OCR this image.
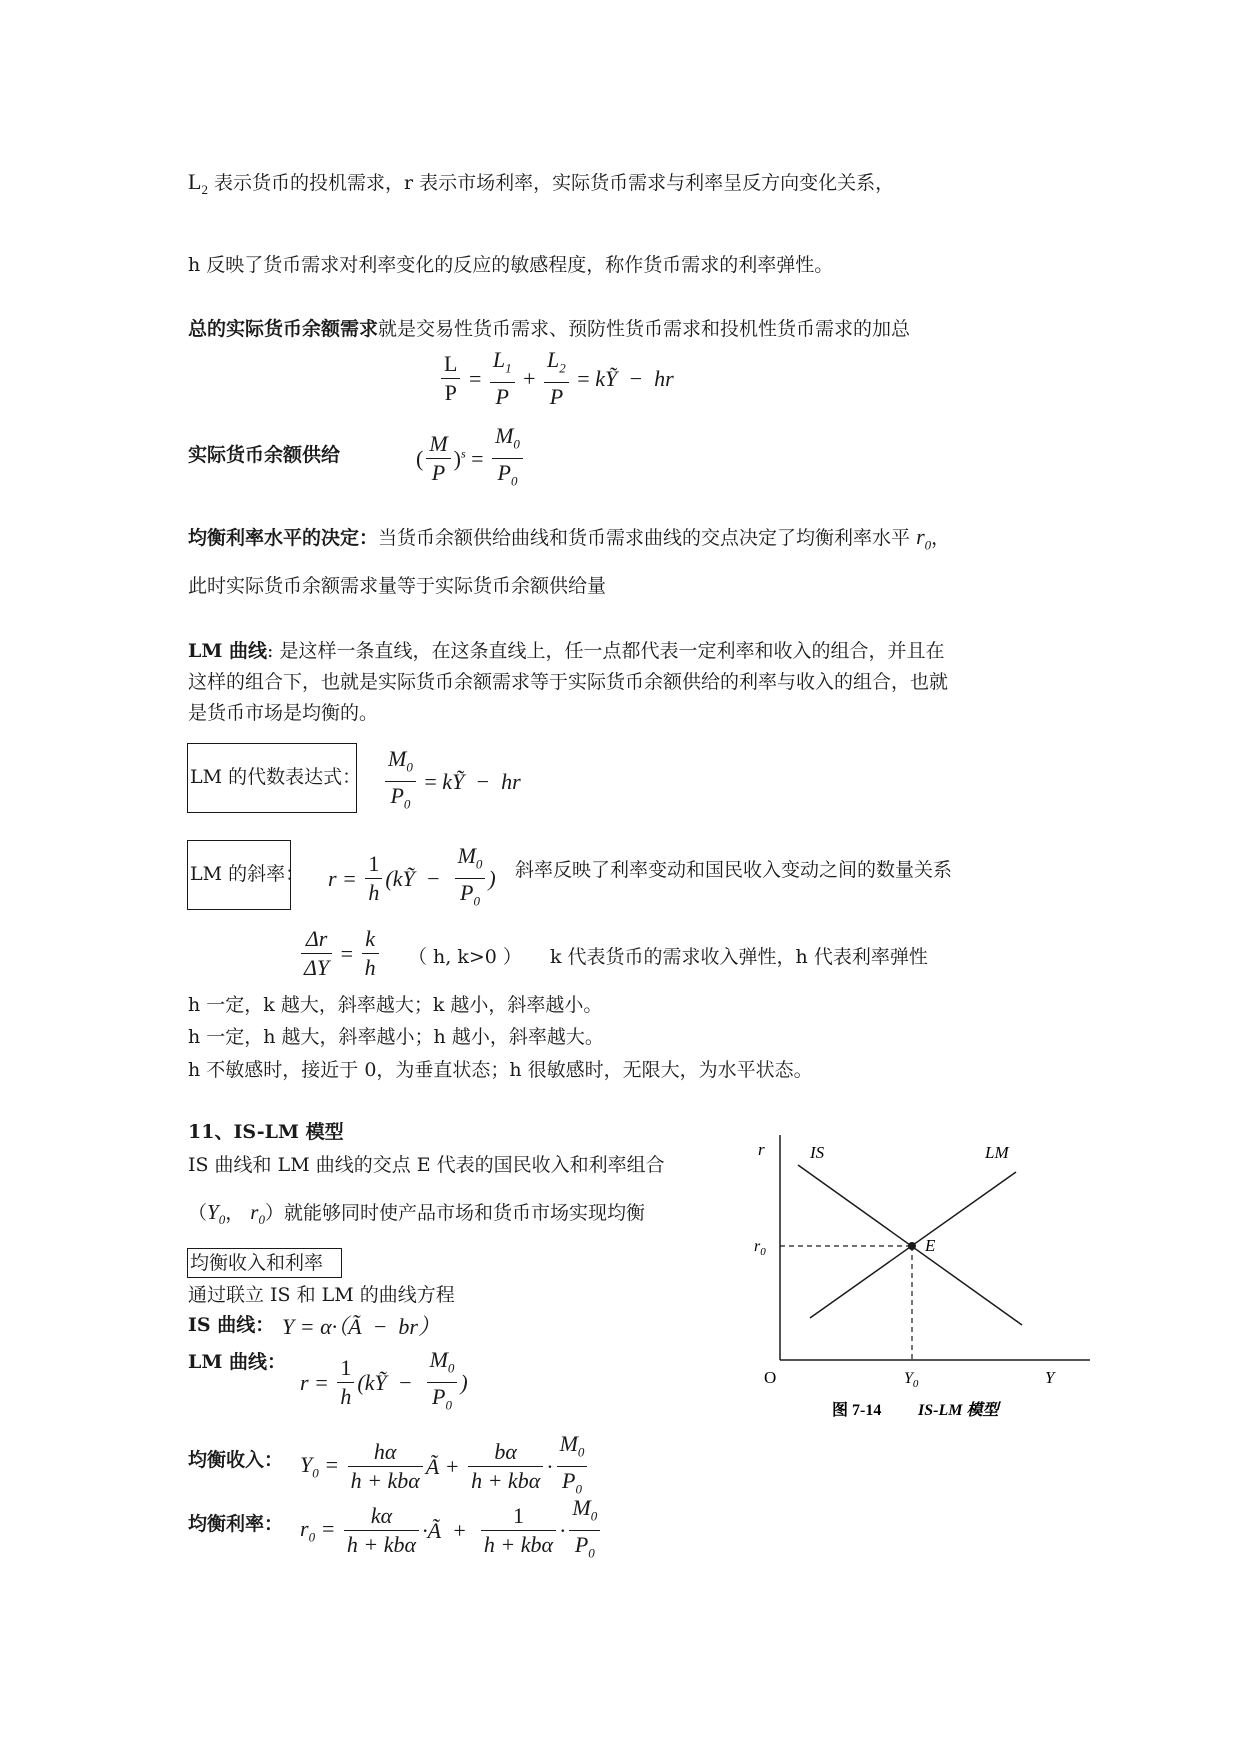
$L_2$ 表示货币的投机需求，r 表示市场利率，实际货币需求与利率呈反方向变化关系，
h 反映了货币需求对利率变化的反应的敏感程度，称作货币需求的利率弹性。
总的实际货币余额需求就是交易性货币需求、预防性货币需求和投机性货币需求的加总
$\frac{L}{P} = \frac{L_1}{P} + \frac{L_2}{P}$ = kỸ  −  hr
实际货币余额供给	( $\frac{M}{P} )^s = \frac{M_0}{P_0}$
均衡利率水平的决定：当货币余额供给曲线和货币需求曲线的交点决定了均衡利率水平 $r_0$，
此时实际货币余额需求量等于实际货币余额供给量
LM 曲线: 是这样一条直线，在这条直线上，任一点都代表一定利率和收入的组合，并且在
这样的组合下，也就是实际货币余额需求等于实际货币余额供给的利率与收入的组合，也就
是货币市场是均衡的。
LM 的代数表达式： $\frac{M_0}{P_0}$ = kỸ  −  hr
LM 的斜率： $r = \frac{1}{h}$ (kỸ  − $\frac{M_0}{P_0}$ ) 斜率反映了利率变动和国民收入变动之间的数量关系
$\frac{\Delta r}{\Delta Y} = \frac{k}{h}$ （ h, k>0 ） k 代表货币的需求收入弹性，h 代表利率弹性
h 一定，k 越大，斜率越大；k 越小，斜率越小。
h 一定，h 越大，斜率越小；h 越小，斜率越大。
h 不敏感时，接近于 0，为垂直状态；h 很敏感时，无限大，为水平状态。
11、IS-LM 模型
IS 曲线和 LM 曲线的交点 E 代表的国民收入和利率组合
（$Y_0$， $r_0$）就能够同时使产品市场和货币市场实现均衡
均衡收入和利率
通过联立 IS 和 LM 的曲线方程
IS 曲线： Y = α·（Ã  −  br）
LM 曲线：
$r = \frac{1}{h}$ (kỸ  − $\frac{M_0}{P_0}$ )
均衡收入： $Y_0 = \frac{h\alpha}{\text{h + kbα}}$ Ã + $\frac{b\alpha}{\text{h + kbα}} \cdot \frac{M_0}{P_0}$
均衡利率： $r_0 = \frac{k\alpha}{\text{h + kbα}}$ ·Ã  + $\frac{1}{\text{h + kbα}} \cdot \frac{M_0}{P_0}$
r	IS	LM
$r_0$	E
O	$Y_0$	Y
图 7-14 IS-LM 模型
